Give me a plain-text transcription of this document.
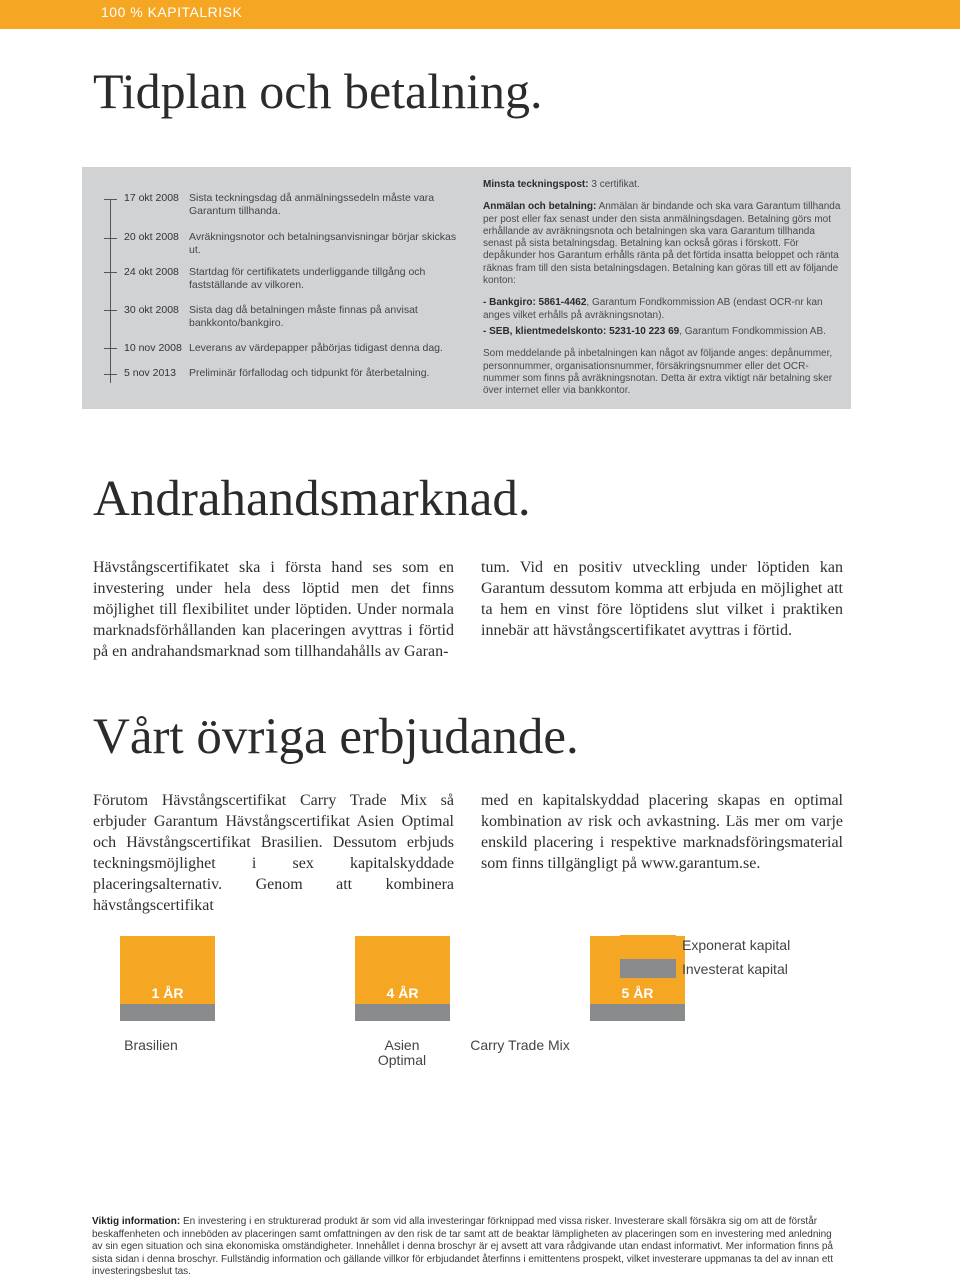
100 % KAPITALRISK
Tidplan och betalning.
17 okt 2008 Sista teckningsdag då anmälningssedeln måste vara Garantum tillhanda.
20 okt 2008 Avräkningsnotor och betalningsanvisningar börjar skickas ut.
24 okt 2008 Startdag för certifikatets underliggande tillgång och fastställande av vilkoren.
30 okt 2008 Sista dag då betalningen måste finnas på anvisat bankkonto/bankgiro.
10 nov 2008 Leverans av värdepapper påbörjas tidigast denna dag.
5 nov 2013	Preliminär förfallodag och tidpunkt för återbetalning.

Minsta teckningspost: 3 certifikat.

Anmälan och betalning: Anmälan är bindande och ska vara Garantum tillhanda per post eller fax senast under den sista anmälningsdagen. Betalning görs mot erhållande av avräkningsnota och betalningen ska vara Garantum tillhanda senast på sista betalningsdag. Betalning kan också göras i förskott. För depåkunder hos Garantum erhålls ränta på det förtida insatta beloppet och ränta räknas fram till den sista betalningsdagen. Betalning kan göras till ett av följande konton:

- Bankgiro: 5861-4462, Garantum Fondkommission AB (endast OCR-nr kan anges vilket erhålls på avräkningsnotan).

- SEB, klientmedelskonto: 5231-10 223 69, Garantum Fondkommission AB.

Som meddelande på inbetalningen kan något av följande anges: depånummer, personnummer, organisationsnummer, försäkringsnummer eller det OCR-nummer som finns på avräkningsnotan. Detta är extra viktigt när betalning sker över internet eller via bankkontor.

Andrahandsmarknad.

Hävstångscertifikatet ska i första hand ses som en investering under hela dess löptid men det finns möjlighet till flexibilitet under löptiden. Under normala marknadsförhållanden kan placeringen avyttras i förtid på en andrahandsmarknad som tillhandahålls av Garan-

tum. Vid en positiv utveckling under löptiden kan Garantum dessutom komma att erbjuda en möjlighet att ta hem en vinst före löptidens slut vilket i praktiken innebär att hävstångscertifikatet avyttras i förtid.

Vårt övriga erbjudande.

Förutom Hävstångscertifikat Carry Trade Mix så erbjuder Garantum Hävstångscertifikat Asien Optimal och Hävstångscertifikat Brasilien. Dessutom erbjuds teckningsmöjlighet i sex kapitalskyddade placeringsalternativ. Genom att kombinera hävstångscertifikat

med en kapitalskyddad placering skapas en optimal kombination av risk och avkastning. Läs mer om varje enskild placering i respektive marknadsföringsmaterial som finns tillgängligt på www.garantum.se.

1 ÅR
Brasilien
4 ÅR
Asien
Optimal
5 ÅR
Carry Trade Mix
Exponerat kapital
Investerat kapital

Viktig information: En investering i en strukturerad produkt är som vid alla investeringar förknippad med vissa risker. Investerare skall försäkra sig om att de förstår beskaffenheten och inneböden av placeringen samt omfattningen av den risk de tar samt att de beaktar lämpligheten av placeringen som en investering med anledning av sin egen situation och sina ekonomiska omständigheter. Innehållet i denna broschyr är ej avsett att vara rådgivande utan endast informativt. Mer information finns på sista sidan i denna broschyr. Fullständig information och gällande villkor för erbjudandet återfinns i emittentens prospekt, vilket investerare uppmanas ta del av innan ett investeringsbeslut tas.
